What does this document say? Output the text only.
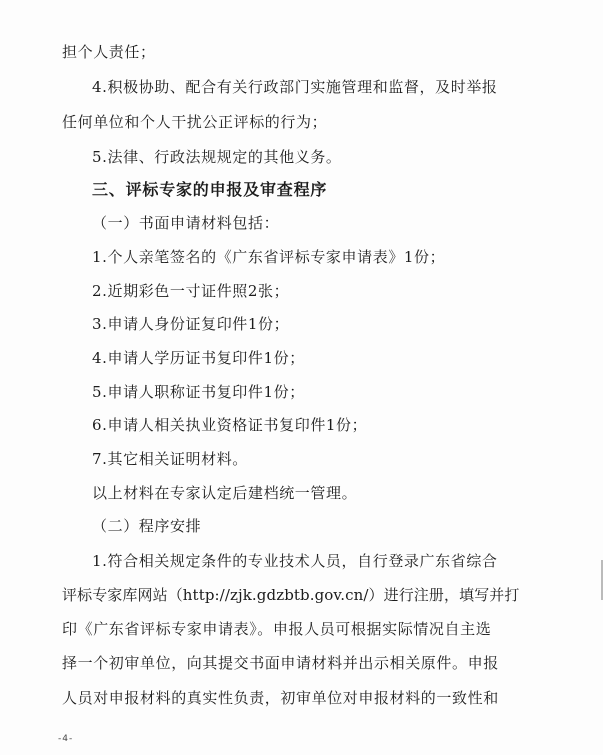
担个人责任；
4.积极协助、配合有关行政部门实施管理和监督，及时举报
任何单位和个人干扰公正评标的行为；
5.法律、行政法规规定的其他义务。
三、评标专家的申报及审查程序
（一）书面申请材料包括：
1.个人亲笔签名的《广东省评标专家申请表》1份；
2.近期彩色一寸证件照2张；
3.申请人身份证复印件1份；
4.申请人学历证书复印件1份；
5.申请人职称证书复印件1份；
6.申请人相关执业资格证书复印件1份；
7.其它相关证明材料。
以上材料在专家认定后建档统一管理。
（二）程序安排
1.符合相关规定条件的专业技术人员，自行登录广东省综合
评标专家库网站（http://zjk.gdzbtb.gov.cn/）进行注册，填写并打
印《广东省评标专家申请表》。申报人员可根据实际情况自主选
择一个初审单位，向其提交书面申请材料并出示相关原件。申报
人员对申报材料的真实性负责，初审单位对申报材料的一致性和
-4-
